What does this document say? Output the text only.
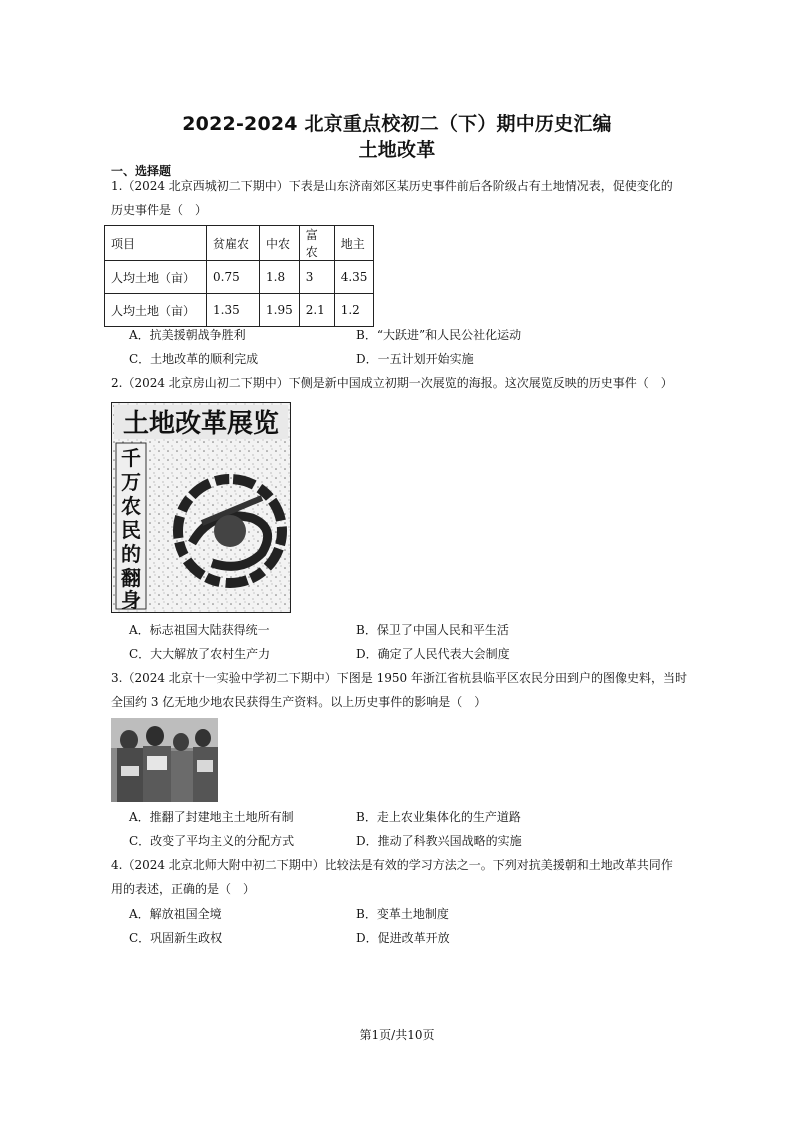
2022-2024 北京重点校初二（下）期中历史汇编
土地改革
一、选择题
1.（2024 北京西城初二下期中）下表是山东济南郊区某历史事件前后各阶级占有土地情况表，促使变化的
历史事件是（　）
项目	贫雇农	中农	富农	地主
人均土地（亩）	0.75	1.8	3	4.35
人均土地（亩）	1.35	1.95	2.1	1.2
A．抗美援朝战争胜利	B．“大跃进”和人民公社化运动
C．土地改革的顺利完成	D．一五计划开始实施
2.（2024 北京房山初二下期中）下侧是新中国成立初期一次展览的海报。这次展览反映的历史事件（　）
土地改革展览
千
万
农
民
的
翻
身
A．标志祖国大陆获得统一	B．保卫了中国人民和平生活
C．大大解放了农村生产力	D．确定了人民代表大会制度
3.（2024 北京十一实验中学初二下期中）下图是 1950 年浙江省杭县临平区农民分田到户的图像史料，当时
全国约 3 亿无地少地农民获得生产资料。以上历史事件的影响是（　）
A．推翻了封建地主土地所有制	B．走上农业集体化的生产道路
C．改变了平均主义的分配方式	D．推动了科教兴国战略的实施
4.（2024 北京北师大附中初二下期中）比较法是有效的学习方法之一。下列对抗美援朝和土地改革共同作
用的表述，正确的是（　）
A．解放祖国全境	B．变革土地制度
C．巩固新生政权	D．促进改革开放
第1页/共10页
